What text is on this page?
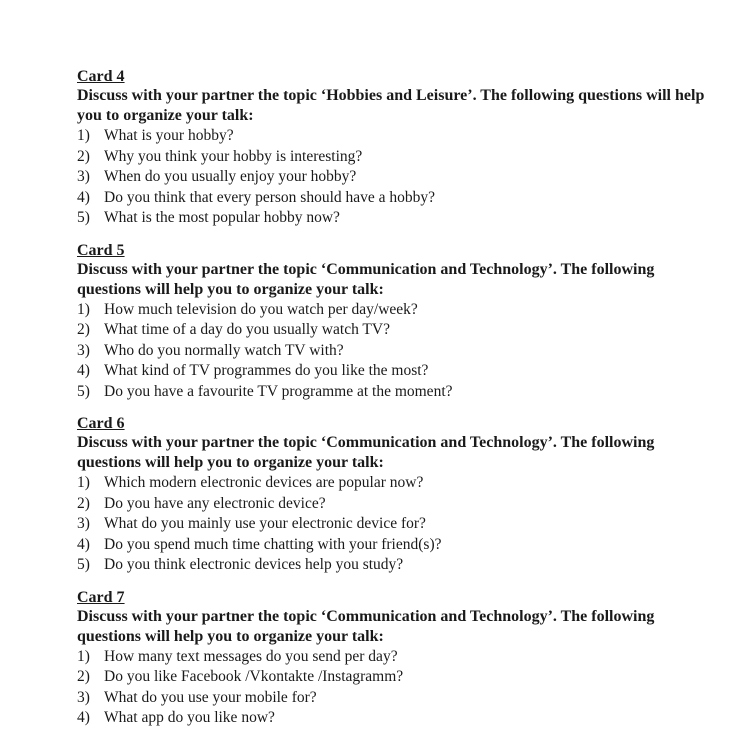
Card 4
Discuss with your partner the topic ‘Hobbies and Leisure’. The following questions will help
you to organize your talk:
1) What is your hobby?
2) Why you think your hobby is interesting?
3) When do you usually enjoy your hobby?
4) Do you think that every person should have a hobby?
5) What is the most popular hobby now?
Card 5
Discuss with your partner the topic ‘Communication and Technology’. The following
questions will help you to organize your talk:
1) How much television do you watch per day/week?
2) What time of a day do you usually watch TV?
3) Who do you normally watch TV with?
4) What kind of TV programmes do you like the most?
5) Do you have a favourite TV programme at the moment?
Card 6
Discuss with your partner the topic ‘Communication and Technology’. The following
questions will help you to organize your talk:
1) Which modern electronic devices are popular now?
2) Do you have any electronic device?
3) What do you mainly use your electronic device for?
4) Do you spend much time chatting with your friend(s)?
5) Do you think electronic devices help you study?
Card 7
Discuss with your partner the topic ‘Communication and Technology’. The following
questions will help you to organize your talk:
1) How many text messages do you send per day?
2) Do you like Facebook /Vkontakte /Instagramm?
3) What do you use your mobile for?
4) What app do you like now?
